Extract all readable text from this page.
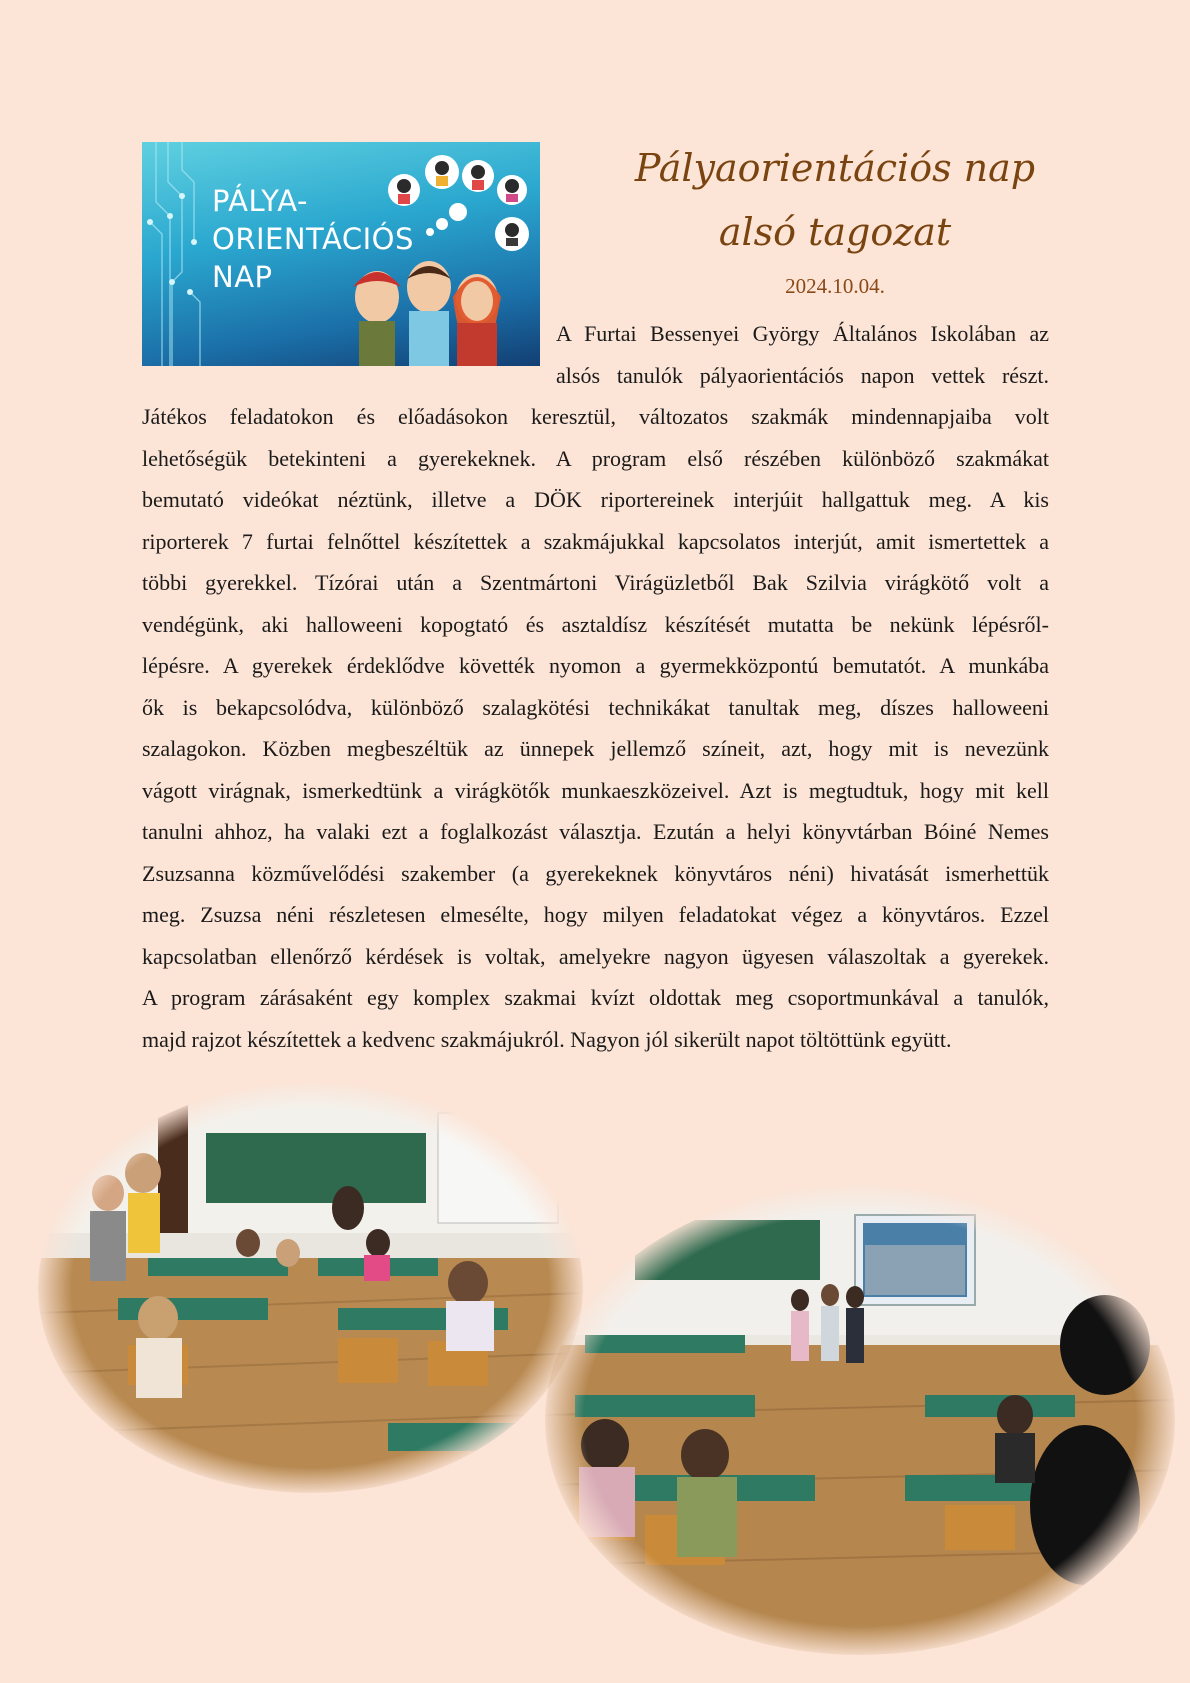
PÁLYA-
ORIENTÁCIÓS
NAP
Pályaorientációs nap
alsó tagozat
2024.10.04.
A Furtai Bessenyei György Általános Iskolában az
alsós tanulók pályaorientációs napon vettek részt.
Játékos feladatokon és előadásokon keresztül, változatos szakmák mindennapjaiba volt
lehetőségük betekinteni a gyerekeknek. A program első részében különböző szakmákat
bemutató videókat néztünk, illetve a DÖK riportereinek interjúit hallgattuk meg. A kis
riporterek 7 furtai felnőttel készítettek a szakmájukkal kapcsolatos interjút, amit ismertettek a
többi gyerekkel. Tízórai után a Szentmártoni Virágüzletből Bak Szilvia virágkötő volt a
vendégünk, aki halloweeni kopogtató és asztaldísz készítését mutatta be nekünk lépésről-
lépésre. A gyerekek érdeklődve követték nyomon a gyermekközpontú bemutatót. A munkába
ők is bekapcsolódva, különböző szalagkötési technikákat tanultak meg, díszes halloweeni
szalagokon. Közben megbeszéltük az ünnepek jellemző színeit, azt, hogy mit is nevezünk
vágott virágnak, ismerkedtünk a virágkötők munkaeszközeivel. Azt is megtudtuk, hogy mit kell
tanulni ahhoz, ha valaki ezt a foglalkozást választja. Ezután a helyi könyvtárban Bóiné Nemes
Zsuzsanna közművelődési szakember (a gyerekeknek könyvtáros néni) hivatását ismerhettük
meg. Zsuzsa néni részletesen elmesélte, hogy milyen feladatokat végez a könyvtáros. Ezzel
kapcsolatban ellenőrző kérdések is voltak, amelyekre nagyon ügyesen válaszoltak a gyerekek.
A program zárásaként egy komplex szakmai kvízt oldottak meg csoportmunkával a tanulók,
majd rajzot készítettek a kedvenc szakmájukról. Nagyon jól sikerült napot töltöttünk együtt.
